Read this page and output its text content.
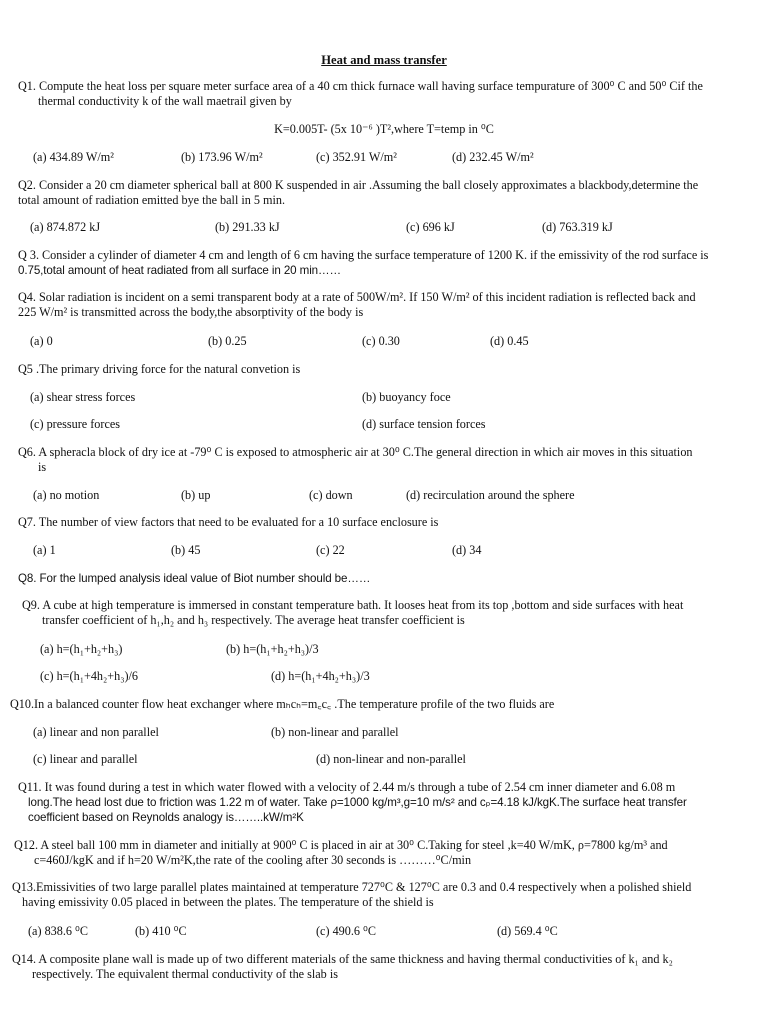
Heat and mass transfer
Q1. Compute the heat loss per square meter surface area of a 40 cm thick furnace wall having surface tempurature of 300⁰ C and 50⁰ Cif the
thermal conductivity k of the wall maetrail given by
K=0.005T- (5x 10⁻⁶ )T²,where T=temp in ⁰C
(a) 434.89 W/m²	(b) 173.96 W/m²	(c) 352.91 W/m²	(d) 232.45 W/m²
Q2. Consider a 20 cm diameter spherical ball at 800 K suspended in air .Assuming the ball closely approximates a blackbody,determine the
total amount of radiation emitted bye the ball in 5 min.
(a) 874.872 kJ	(b) 291.33 kJ	(c) 696 kJ	(d) 763.319 kJ
Q 3. Consider a cylinder of diameter 4 cm and length of 6 cm having the surface temperature of 1200 K. if the emissivity of the rod surface is
0.75,total amount of heat radiated from all surface in 20 min……
Q4. Solar radiation is incident on a semi transparent body at a rate of 500W/m². If 150 W/m² of this incident radiation is reflected back and
225 W/m² is transmitted across the body,the absorptivity of the body is
(a) 0	(b) 0.25	(c) 0.30	(d) 0.45
Q5 .The primary driving force for the natural convetion is
(a) shear stress forces	(b) buoyancy foce
(c) pressure forces	(d) surface tension forces
Q6. A spheracla block of dry ice at -79⁰ C is exposed to atmospheric air at 30⁰ C.The general direction in which air moves in this situation
is
(a) no motion	(b) up	(c) down	(d) recirculation around the sphere
Q7. The number of view factors that need to be evaluated for a 10 surface enclosure is
(a) 1	(b) 45	(c) 22	(d) 34
Q8. For the lumped analysis ideal value of Biot number should be……
Q9. A cube at high temperature is immersed in constant temperature bath. It looses heat from its top ,bottom and side surfaces with heat
transfer coefficient of h₁,h₂ and h₃ respectively. The average heat transfer coefficient is
(a) h=(h₁+h₂+h₃)	(b) h=(h₁+h₂+h₃)/3
(c) h=(h₁+4h₂+h₃)/6	(d) h=(h₁+4h₂+h₃)/3
Q10.In a balanced counter flow heat exchanger where mₕcₕ=m꜀c꜀ .The temperature profile of the two fluids are
(a) linear and non parallel	(b) non-linear and parallel
(c) linear and parallel	(d) non-linear and non-parallel
Q11. It was found during a test in which water flowed with a velocity of 2.44 m/s through a tube of 2.54 cm inner diameter and 6.08 m
long.The head lost due to friction was 1.22 m of water. Take ρ=1000 kg/m³,g=10 m/s² and cₚ=4.18 kJ/kgK.The surface heat transfer
coefficient based on Reynolds analogy is……..kW/m²K
Q12. A steel ball 100 mm in diameter and initially at 900⁰ C is placed in air at 30⁰ C.Taking for steel ,k=40 W/mK, ρ=7800 kg/m³ and
c=460J/kgK and if h=20 W/m²K,the rate of the cooling after 30 seconds is ………⁰C/min
Q13.Emissivities of two large parallel plates maintained at temperature 727⁰C & 127⁰C are 0.3 and 0.4 respectively when a polished shield
having emissivity 0.05 placed in between the plates. The temperature of the shield is
(a) 838.6 ⁰C	(b) 410 ⁰C	(c) 490.6 ⁰C	(d) 569.4 ⁰C
Q14. A composite plane wall is made up of two different materials of the same thickness and having thermal conductivities of k₁ and k₂
respectively. The equivalent thermal conductivity of the slab is
